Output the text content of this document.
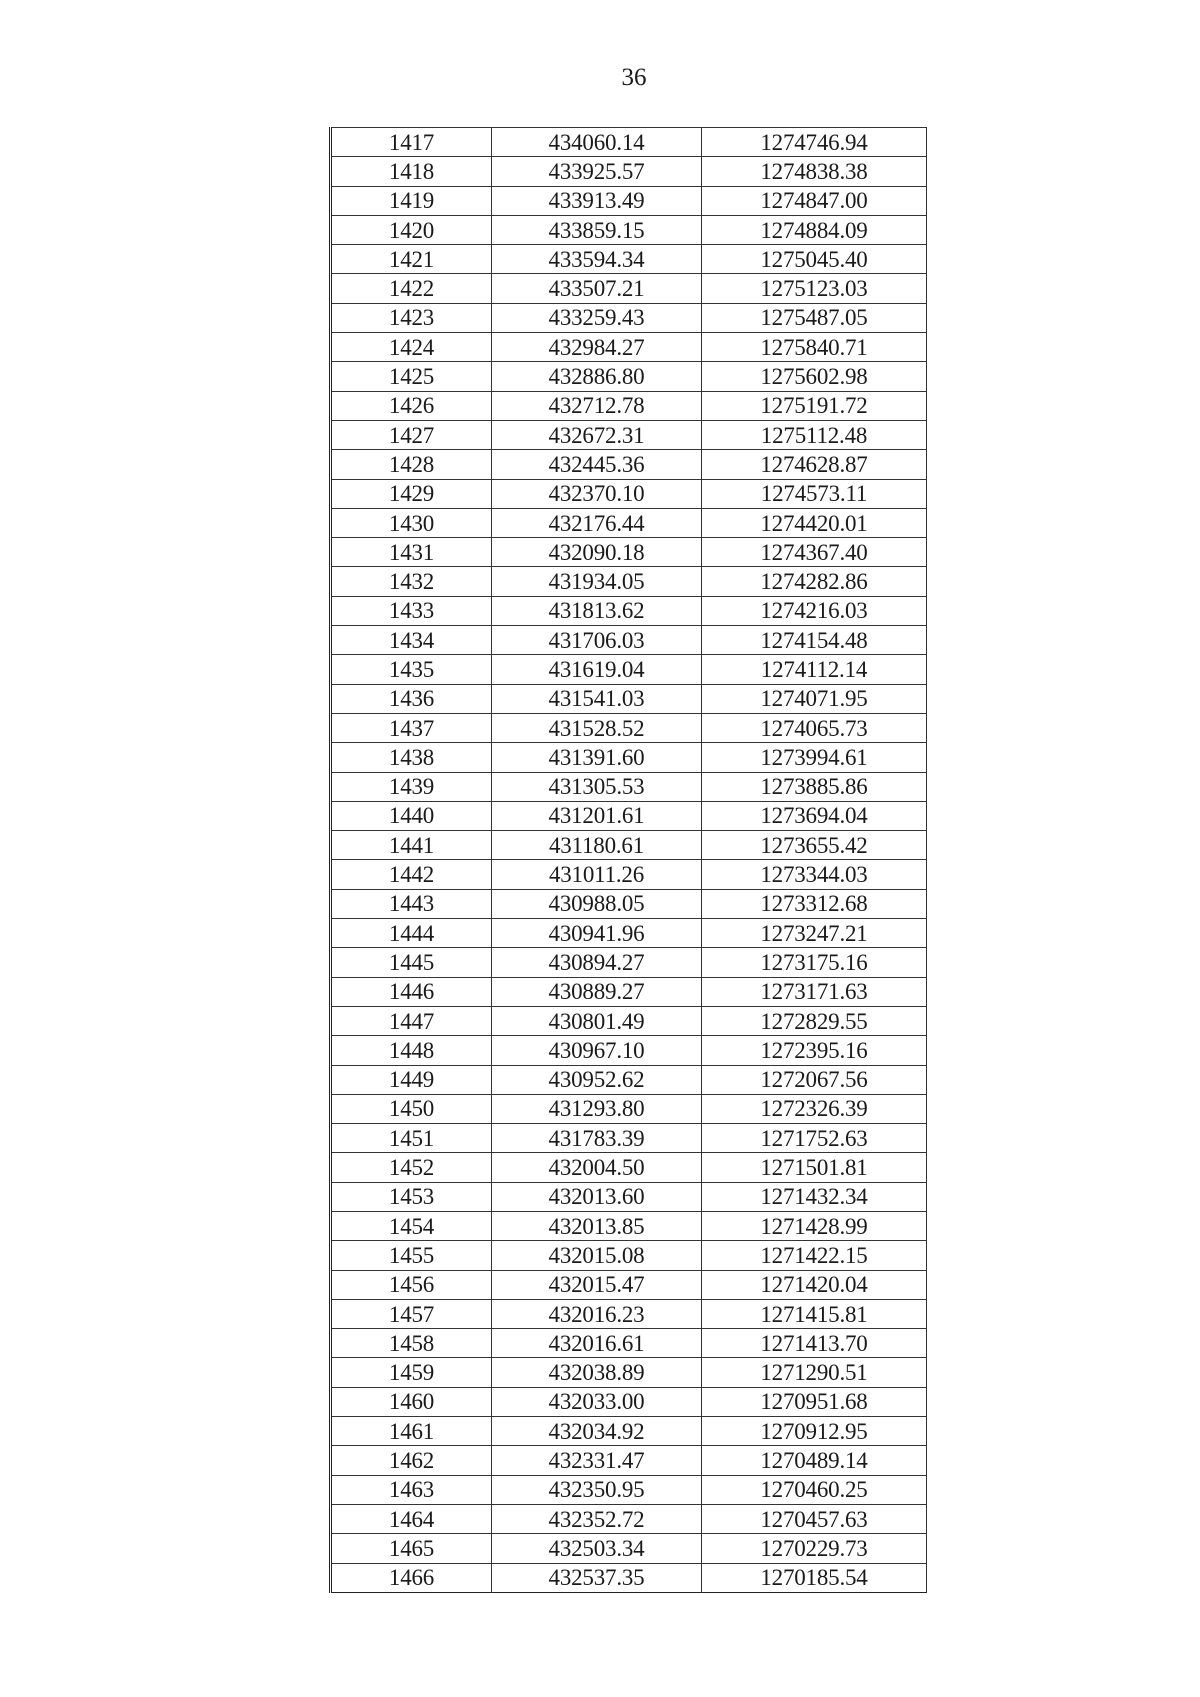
36
1417	434060.14	1274746.94
1418	433925.57	1274838.38
1419	433913.49	1274847.00
1420	433859.15	1274884.09
1421	433594.34	1275045.40
1422	433507.21	1275123.03
1423	433259.43	1275487.05
1424	432984.27	1275840.71
1425	432886.80	1275602.98
1426	432712.78	1275191.72
1427	432672.31	1275112.48
1428	432445.36	1274628.87
1429	432370.10	1274573.11
1430	432176.44	1274420.01
1431	432090.18	1274367.40
1432	431934.05	1274282.86
1433	431813.62	1274216.03
1434	431706.03	1274154.48
1435	431619.04	1274112.14
1436	431541.03	1274071.95
1437	431528.52	1274065.73
1438	431391.60	1273994.61
1439	431305.53	1273885.86
1440	431201.61	1273694.04
1441	431180.61	1273655.42
1442	431011.26	1273344.03
1443	430988.05	1273312.68
1444	430941.96	1273247.21
1445	430894.27	1273175.16
1446	430889.27	1273171.63
1447	430801.49	1272829.55
1448	430967.10	1272395.16
1449	430952.62	1272067.56
1450	431293.80	1272326.39
1451	431783.39	1271752.63
1452	432004.50	1271501.81
1453	432013.60	1271432.34
1454	432013.85	1271428.99
1455	432015.08	1271422.15
1456	432015.47	1271420.04
1457	432016.23	1271415.81
1458	432016.61	1271413.70
1459	432038.89	1271290.51
1460	432033.00	1270951.68
1461	432034.92	1270912.95
1462	432331.47	1270489.14
1463	432350.95	1270460.25
1464	432352.72	1270457.63
1465	432503.34	1270229.73
1466	432537.35	1270185.54
